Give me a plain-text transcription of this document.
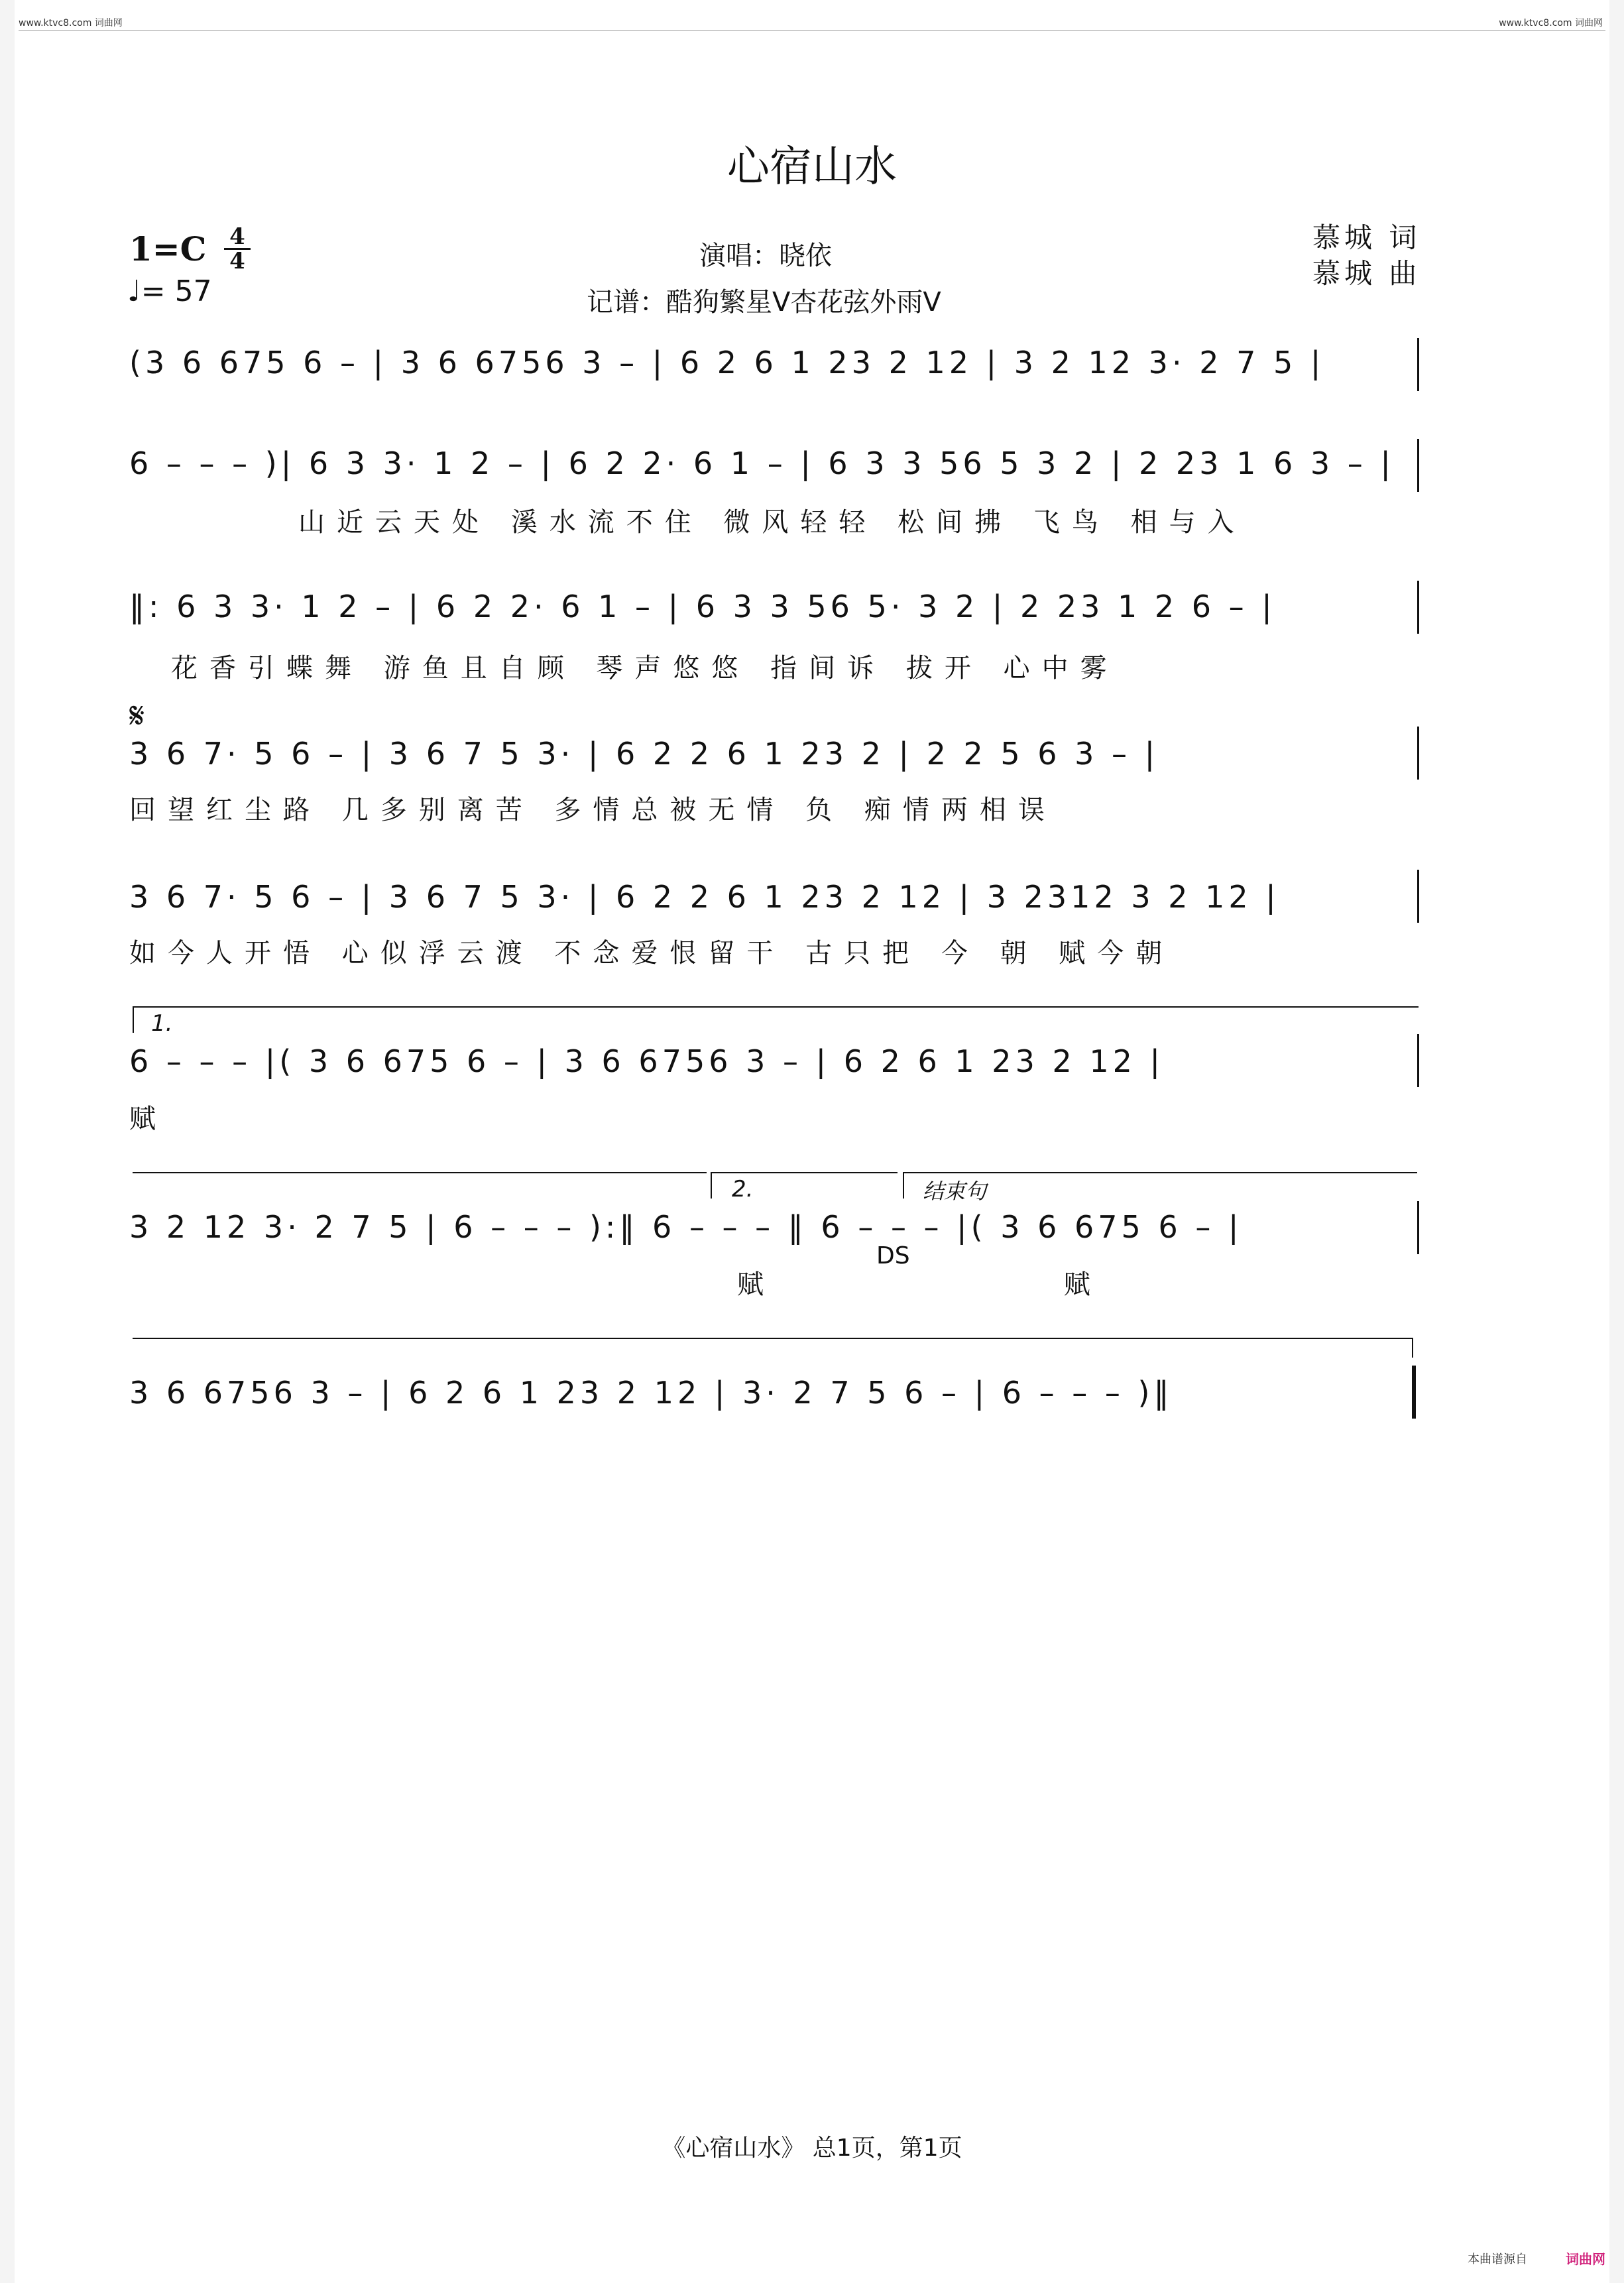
www.ktvc8.com 词曲网	www.ktvc8.com 词曲网
心宿山水
1=C 4
4
♩= 57
演唱：晓依
记谱：酷狗繁星V杏花弦外雨V
慕城 词
慕城 曲
(3 6 675 6 – | 3 6 6756 3 – | 6 2 6 1 23 2 12 | 3 2 12 3· 2 7 5 |
6 – – – )| 6 3 3· 1 2 – | 6 2 2· 6 1 – | 6 3 3 56 5 3 2 | 2 23 1 6 3 – |
山近云天处 溪水流不住 微风轻轻 松间拂 飞鸟 相与入
‖: 6 3 3· 1 2 – | 6 2 2· 6 1 – | 6 3 3 56 5· 3 2 | 2 23 1 2 6 – |
花香引蝶舞 游鱼且自顾 琴声悠悠 指间诉 拔开 心中雾
𝄋
3 6 7· 5 6 – | 3 6 7 5 3· | 6 2 2 6 1 23 2 | 2 2 5 6 3 – |
回望红尘路 几多别离苦 多情总被无情 负 痴情两相误
3 6 7· 5 6 – | 3 6 7 5 3· | 6 2 2 6 1 23 2 12 | 3 2312 3 2 12 |
如今人开悟 心似浮云渡 不念爱恨留干 古只把 今 朝 赋今朝
1.
6 – – – |( 3 6 675 6 – | 3 6 6756 3 – | 6 2 6 1 23 2 12 |
赋
2.	结束句
3 2 12 3· 2 7 5 | 6 – – – ):‖ 6 – – – ‖ 6 – – – |( 3 6 675 6 – |
DS
赋 赋
3 6 6756 3 – | 6 2 6 1 23 2 12 | 3· 2 7 5 6 – | 6 – – – )‖
《心宿山水》 总1页，第1页
本曲谱源自	词曲网
